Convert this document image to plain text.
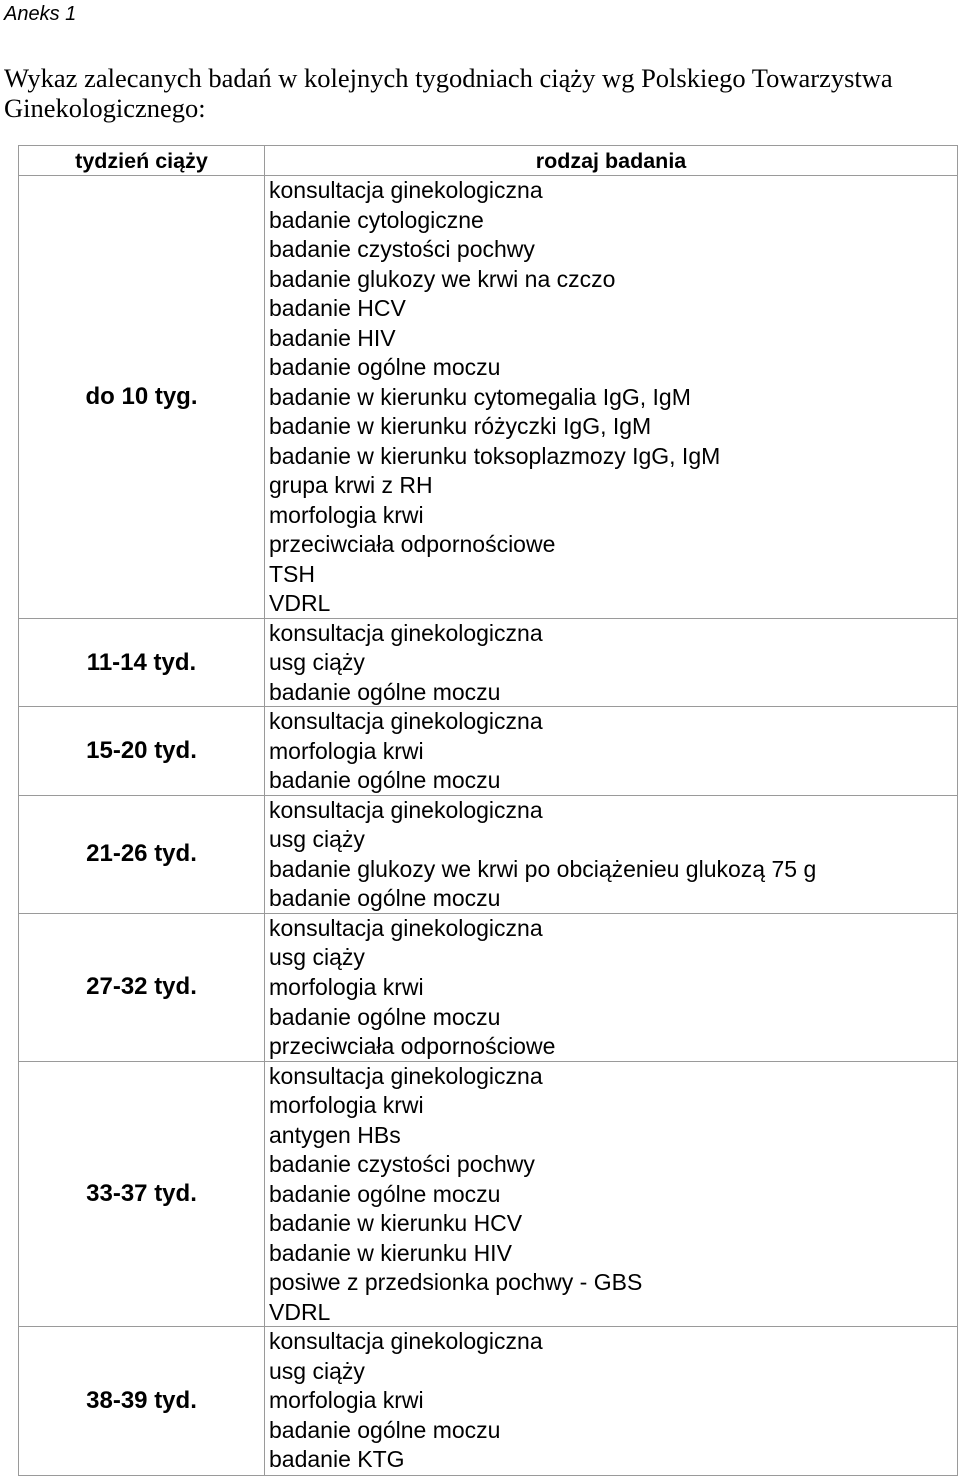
Aneks 1
Wykaz zalecanych badań w kolejnych tygodniach ciąży wg Polskiego Towarzystwa Ginekologicznego:
tydzień ciąży	rodzaj badania
do 10 tyg.
konsultacja ginekologiczna
badanie cytologiczne
badanie czystości pochwy
badanie glukozy we krwi na czczo
badanie HCV
badanie HIV
badanie ogólne moczu
badanie w kierunku cytomegalia IgG, IgM
badanie w kierunku różyczki IgG, IgM
badanie w kierunku toksoplazmozy IgG, IgM
grupa krwi z RH
morfologia krwi
przeciwciała odpornościowe
TSH
VDRL
11-14 tyd.
konsultacja ginekologiczna
usg ciąży
badanie ogólne moczu
15-20 tyd.
konsultacja ginekologiczna
morfologia krwi
badanie ogólne moczu
21-26 tyd.
konsultacja ginekologiczna
usg ciąży
badanie glukozy we krwi po obciążenieu glukozą 75 g
badanie ogólne moczu
27-32 tyd.
konsultacja ginekologiczna
usg ciąży
morfologia krwi
badanie ogólne moczu
przeciwciała odpornościowe
33-37 tyd.
konsultacja ginekologiczna
morfologia krwi
antygen HBs
badanie czystości pochwy
badanie ogólne moczu
badanie w kierunku HCV
badanie w kierunku HIV
posiwe z przedsionka pochwy - GBS
VDRL
38-39 tyd.
konsultacja ginekologiczna
usg ciąży
morfologia krwi
badanie ogólne moczu
badanie KTG
